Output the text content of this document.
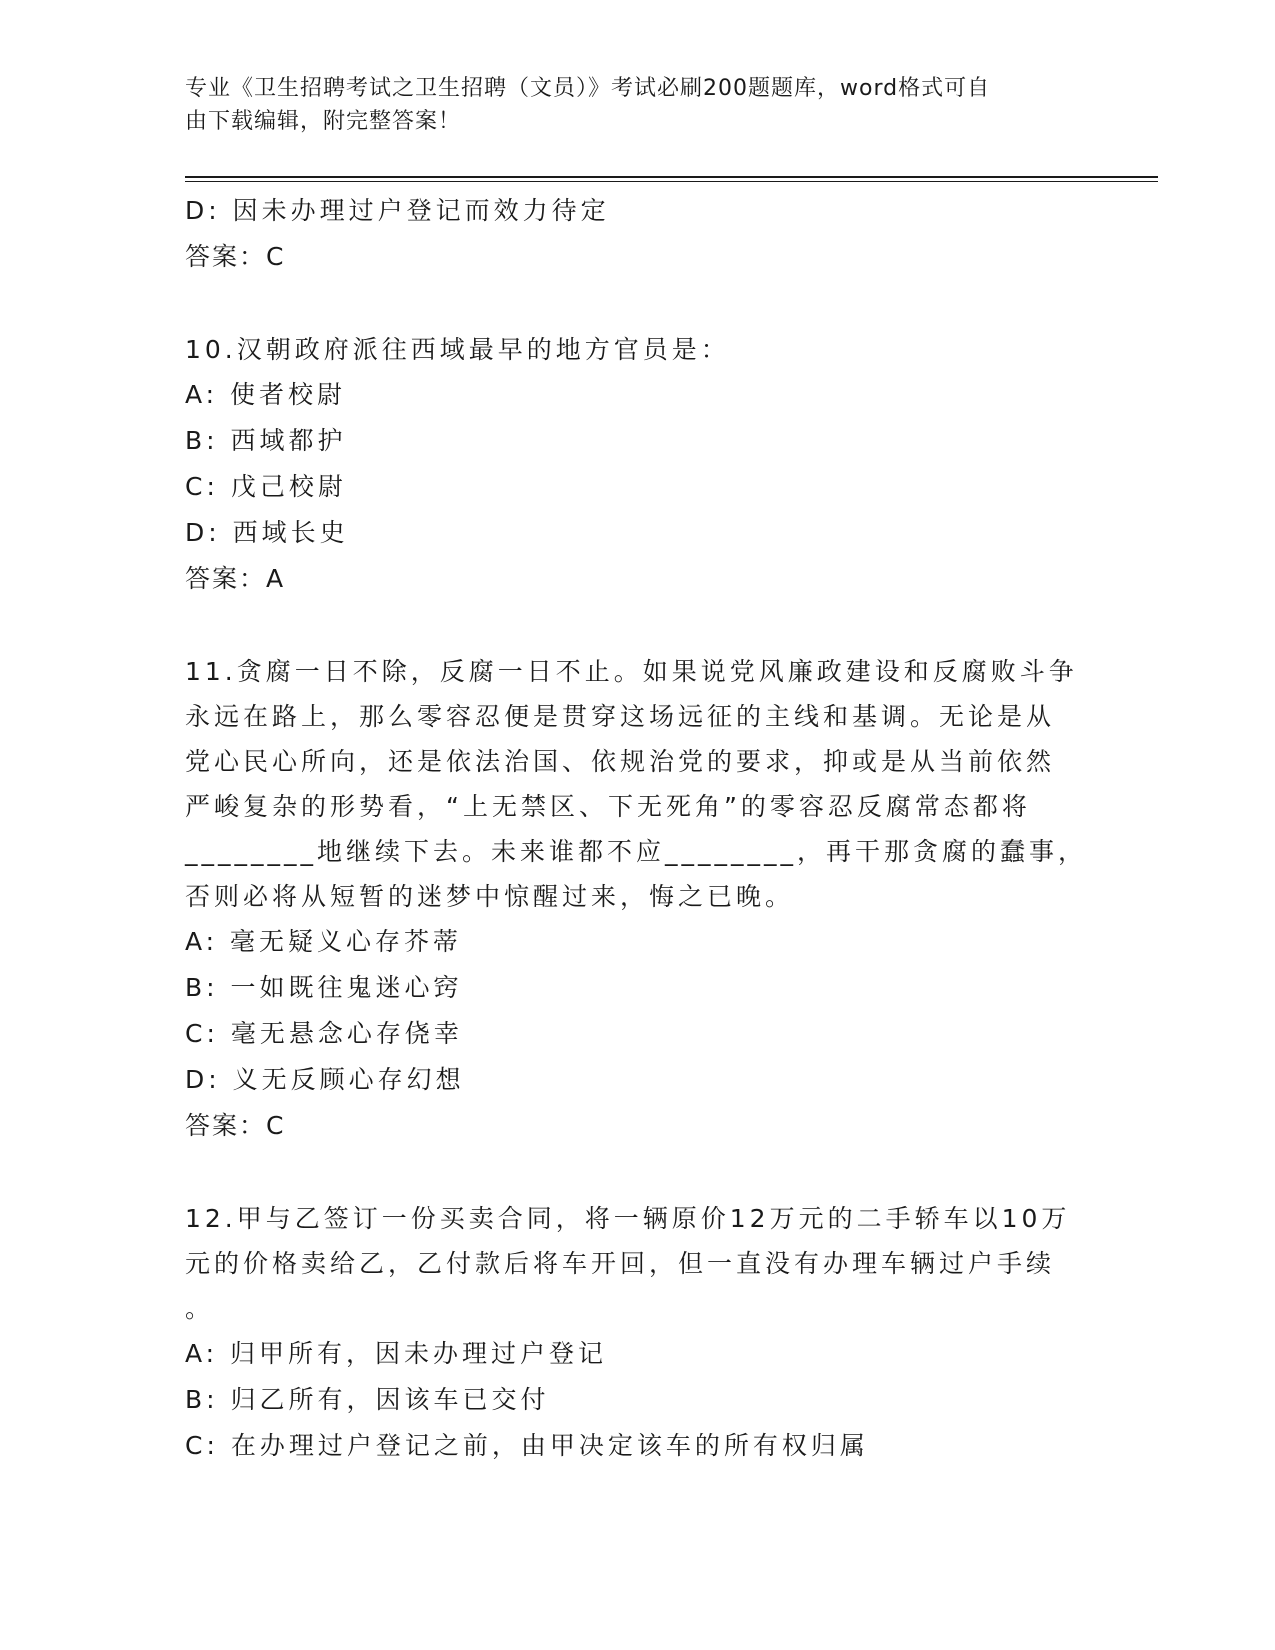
专业《卫生招聘考试之卫生招聘（文员）》考试必刷200题题库，word格式可自
由下载编辑，附完整答案！
D: 因未办理过户登记而效力待定
答案：C
10.汉朝政府派往西域最早的地方官员是：
A: 使者校尉
B: 西域都护
C: 戊己校尉
D: 西域长史
答案：A
11.贪腐一日不除，反腐一日不止。如果说党风廉政建设和反腐败斗争
永远在路上，那么零容忍便是贯穿这场远征的主线和基调。无论是从
党心民心所向，还是依法治国、依规治党的要求，抑或是从当前依然
严峻复杂的形势看，“上无禁区、下无死角”的零容忍反腐常态都将
________地继续下去。未来谁都不应________，再干那贪腐的蠢事，
否则必将从短暂的迷梦中惊醒过来，悔之已晚。
A: 毫无疑义心存芥蒂
B: 一如既往鬼迷心窍
C: 毫无悬念心存侥幸
D: 义无反顾心存幻想
答案：C
12.甲与乙签订一份买卖合同，将一辆原价12万元的二手轿车以10万
元的价格卖给乙，乙付款后将车开回，但一直没有办理车辆过户手续
。
A: 归甲所有，因未办理过户登记
B: 归乙所有，因该车已交付
C: 在办理过户登记之前，由甲决定该车的所有权归属
